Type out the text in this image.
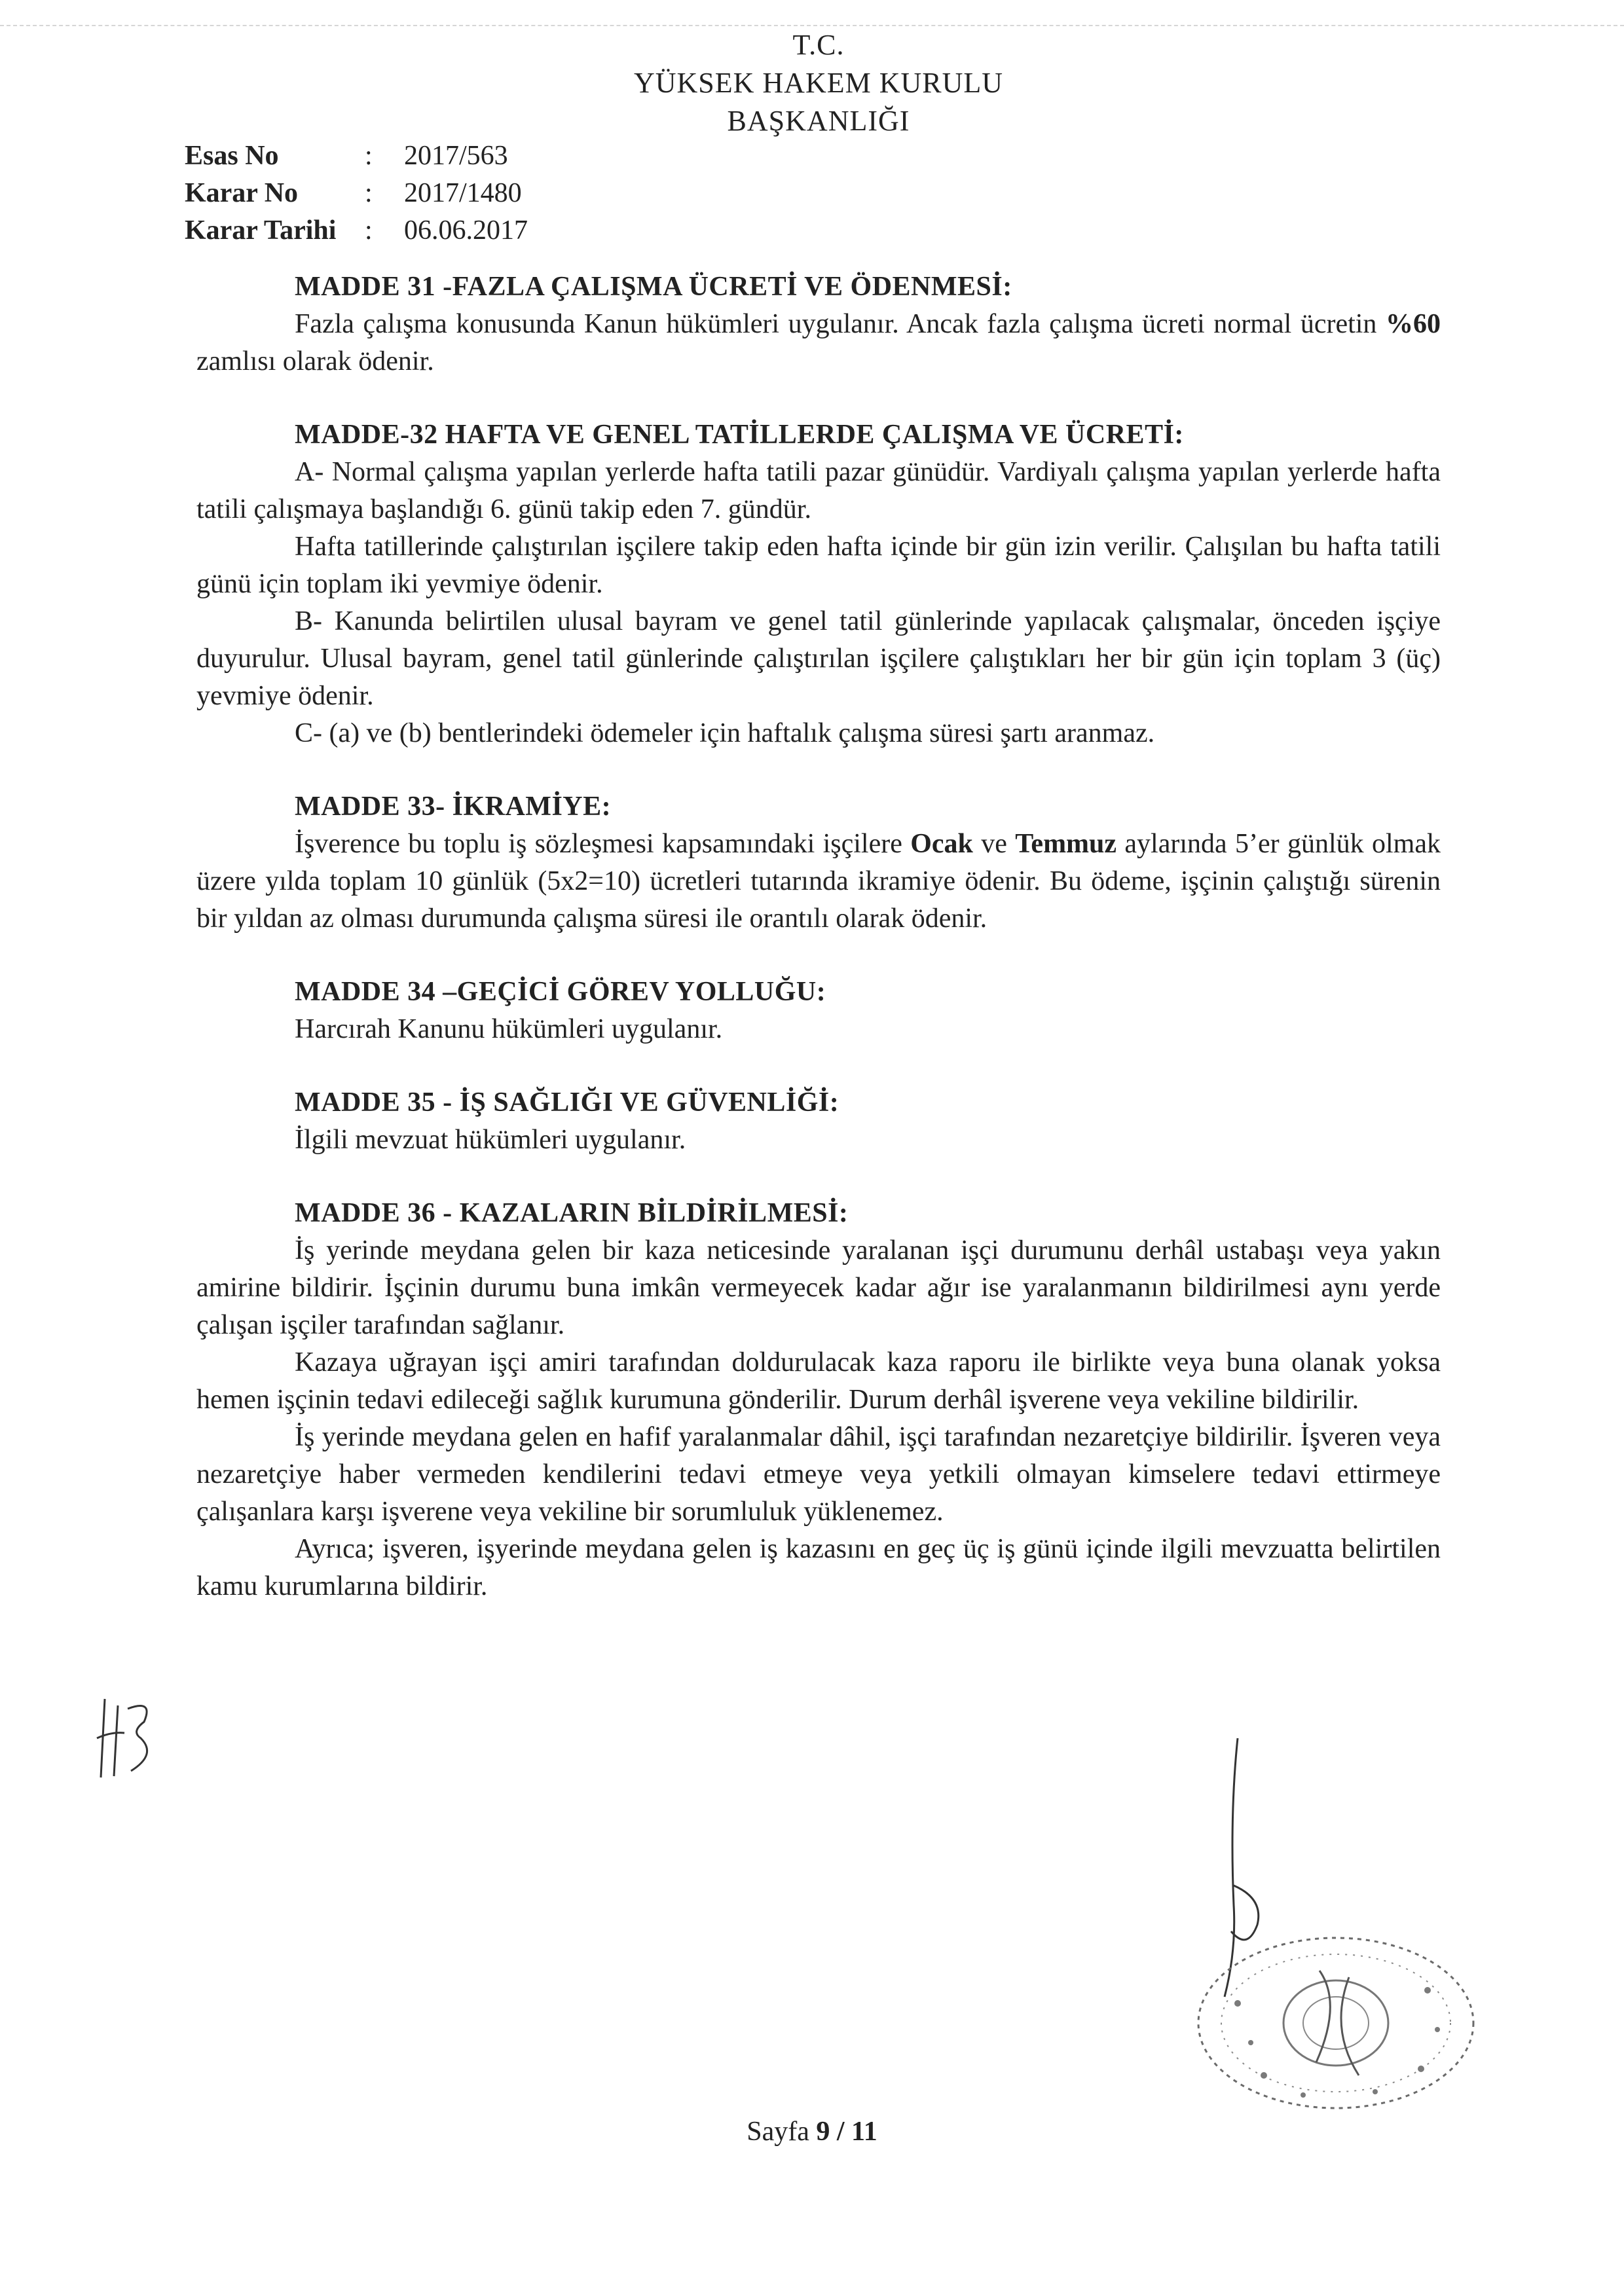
T.C.
YÜKSEK HAKEM KURULU
BAŞKANLIĞI
Esas No	:	2017/563
Karar No	:	2017/1480
Karar Tarihi	:	06.06.2017
MADDE 31 -FAZLA ÇALIŞMA ÜCRETİ VE ÖDENMESİ:

Fazla çalışma konusunda Kanun hükümleri uygulanır. Ancak fazla çalışma ücreti normal ücretin %60 zamlısı olarak ödenir.

MADDE-32 HAFTA VE GENEL TATİLLERDE ÇALIŞMA VE ÜCRETİ:

A- Normal çalışma yapılan yerlerde hafta tatili pazar günüdür. Vardiyalı çalışma yapılan yerlerde hafta tatili çalışmaya başlandığı 6. günü takip eden 7. gündür.

Hafta tatillerinde çalıştırılan işçilere takip eden hafta içinde bir gün izin verilir. Çalışılan bu hafta tatili günü için toplam iki yevmiye ödenir.

B- Kanunda belirtilen ulusal bayram ve genel tatil günlerinde yapılacak çalışmalar, önceden işçiye duyurulur. Ulusal bayram, genel tatil günlerinde çalıştırılan işçilere çalıştıkları her bir gün için toplam 3 (üç) yevmiye ödenir.

C- (a) ve (b) bentlerindeki ödemeler için haftalık çalışma süresi şartı aranmaz.

MADDE 33- İKRAMİYE:

İşverence bu toplu iş sözleşmesi kapsamındaki işçilere Ocak ve Temmuz aylarında 5’er günlük olmak üzere yılda toplam 10 günlük (5x2=10) ücretleri tutarında ikramiye ödenir. Bu ödeme, işçinin çalıştığı sürenin bir yıldan az olması durumunda çalışma süresi ile orantılı olarak ödenir.

MADDE 34 –GEÇİCİ GÖREV YOLLUĞU:

Harcırah Kanunu hükümleri uygulanır.

MADDE 35 - İŞ SAĞLIĞI VE GÜVENLİĞİ:

İlgili mevzuat hükümleri uygulanır.

MADDE 36 - KAZALARIN BİLDİRİLMESİ:

İş yerinde meydana gelen bir kaza neticesinde yaralanan işçi durumunu derhâl ustabaşı veya yakın amirine bildirir. İşçinin durumu buna imkân vermeyecek kadar ağır ise yaralanmanın bildirilmesi aynı yerde çalışan işçiler tarafından sağlanır.

Kazaya uğrayan işçi amiri tarafından doldurulacak kaza raporu ile birlikte veya buna olanak yoksa hemen işçinin tedavi edileceği sağlık kurumuna gönderilir. Durum derhâl işverene veya vekiline bildirilir.

İş yerinde meydana gelen en hafif yaralanmalar dâhil, işçi tarafından nezaretçiye bildirilir. İşveren veya nezaretçiye haber vermeden kendilerini tedavi etmeye veya yetkili olmayan kimselere tedavi ettirmeye çalışanlara karşı işverene veya vekiline bir sorumluluk yüklenemez.

Ayrıca; işveren, işyerinde meydana gelen iş kazasını en geç üç iş günü içinde ilgili mevzuatta belirtilen kamu kurumlarına bildirir.

Sayfa 9 / 11
